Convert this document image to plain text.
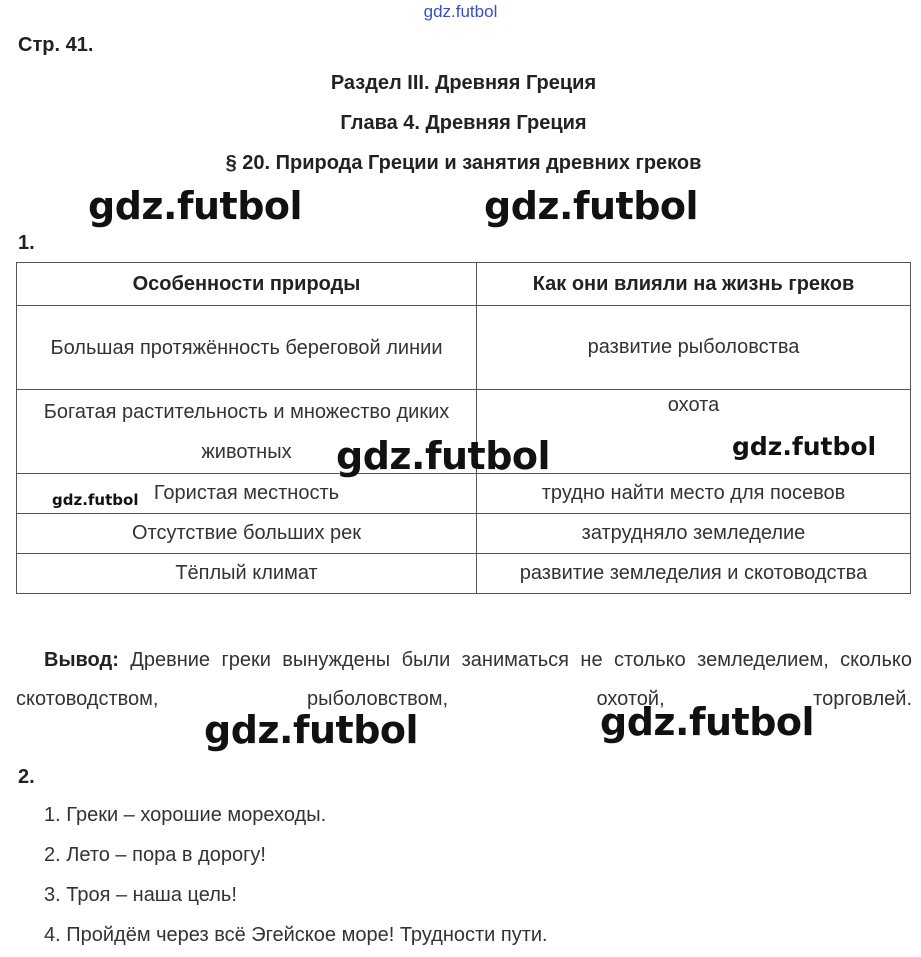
gdz.futbol
Стр. 41.
Раздел III. Древняя Греция
Глава 4. Древняя Греция
§ 20. Природа Греции и занятия древних греков
gdz.futbol	gdz.futbol
1.
Особенности природы	Как они влияли на жизнь греков
Большая протяжённость береговой линии	развитие рыболовства
Богатая растительность и множество диких животных	охота
Гористая местность	трудно найти место для посевов
Отсутствие больших рек	затрудняло земледелие
Тёплый климат	развитие земледелия и скотоводства
gdz.futbol	gdz.futbol
gdz.futbol
Вывод: Древние греки вынуждены были заниматься не столько земледелием, сколько скотоводством, рыболовством, охотой, торговлей.
gdz.futbol	gdz.futbol
2.
1. Греки – хорошие мореходы.
2. Лето – пора в дорогу!
3. Троя – наша цель!
4. Пройдём через всё Эгейское море! Трудности пути.
